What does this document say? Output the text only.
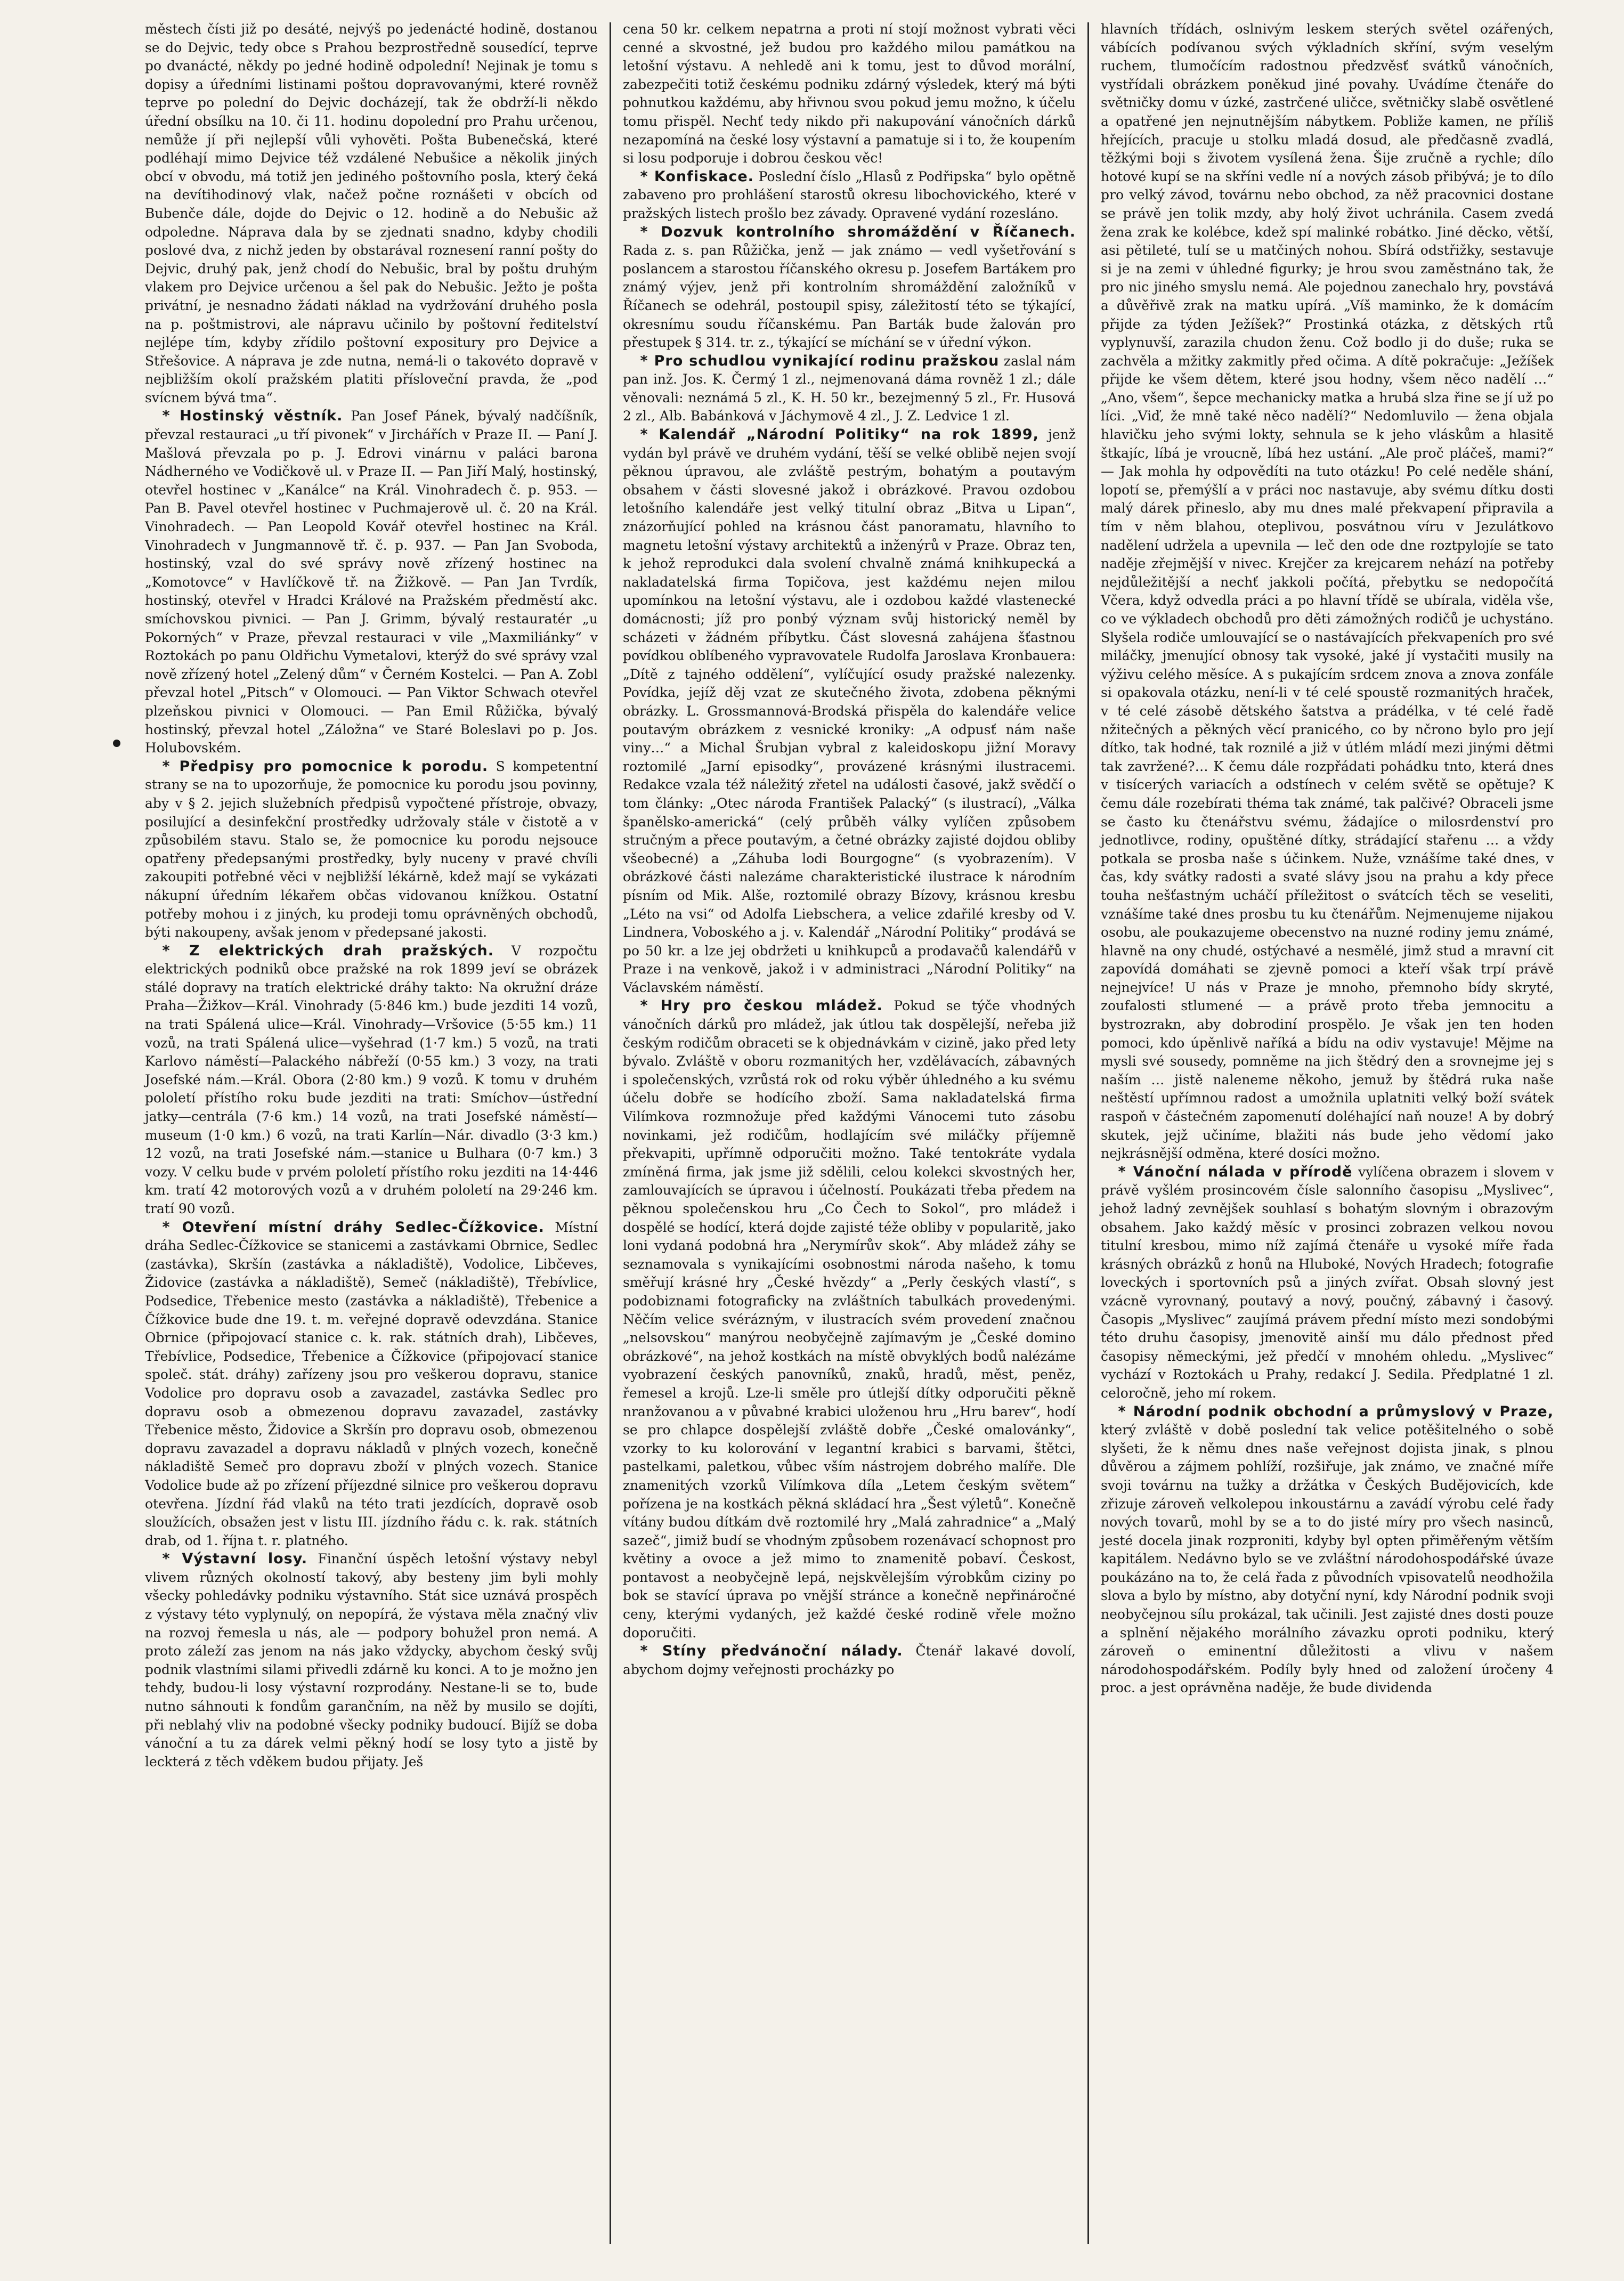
městech čísti již po desáté, nejvýš po jedenácté hodině, dostanou se do Dejvic, tedy obce s Prahou bezprostředně sousedící, teprve po dvanácté, někdy po jedné hodině odpolední! Nejinak je tomu s dopisy a úředními listinami poštou dopravovanými, které rovněž teprve po polední do Dejvic docházejí, tak že obdrží-li někdo úřední obsílku na 10. či 11. hodinu dopolední pro Prahu určenou, nemůže jí při nejlepší vůli vyhověti. Pošta Bubenečská, které podléhají mimo Dejvice též vzdálené Nebušice a několik jiných obcí v obvodu, má totiž jen jediného poštovního posla, který čeká na devítihodinový vlak, načež počne roznášeti v obcích od Bubenče dále, dojde do Dejvic o 12. hodině a do Nebušic až odpoledne. Náprava dala by se zjednati snadno, kdyby chodili poslové dva, z nichž jeden by obstarával roznesení ranní pošty do Dejvic, druhý pak, jenž chodí do Nebušic, bral by poštu druhým vlakem pro Dejvice určenou a šel pak do Nebušic. Ježto je pošta privátní, je nesnadno žádati náklad na vydržování druhého posla na p. poštmistrovi, ale nápravu učinilo by poštovní ředitelství nejlépe tím, kdyby zřídilo poštovní expositury pro Dejvice a Střešovice. A náprava je zde nutna, nemá-li o takovéto dopravě v nejbližším okolí pražském platiti přísloveční pravda, že „pod svícnem bývá tma“.

* Hostinský věstník. Pan Josef Pánek, bývalý nadčíšník, převzal restauraci „u tří pivonek“ v Jirchářích v Praze II. — Paní J. Mašlová převzala po p. J. Edrovi vinárnu v paláci barona Nádherného ve Vodičkově ul. v Praze II. — Pan Jiří Malý, hostinský, otevřel hostinec v „Kanálce“ na Král. Vinohradech č. p. 953. — Pan B. Pavel otevřel hostinec v Puchmajerově ul. č. 20 na Král. Vinohradech. — Pan Leopold Kovář otevřel hostinec na Král. Vinohradech v Jungmannově tř. č. p. 937. — Pan Jan Svoboda, hostinský, vzal do své správy nově zřízený hostinec na „Komotovce“ v Havlíčkově tř. na Žižkově. — Pan Jan Tvrdík, hostinský, otevřel v Hradci Králové na Pražském předměstí akc. smíchovskou pivnici. — Pan J. Grimm, bývalý restauratér „u Pokorných“ v Praze, převzal restauraci v vile „Maxmiliánky“ v Roztokách po panu Oldřichu Vymetalovi, kterýž do své správy vzal nově zřízený hotel „Zelený dům“ v Černém Kostelci. — Pan A. Zobl převzal hotel „Pitsch“ v Olomouci. — Pan Viktor Schwach otevřel plzeňskou pivnici v Olomouci. — Pan Emil Růžička, bývalý hostinský, převzal hotel „Záložna“ ve Staré Boleslavi po p. Jos. Holubovském.

* Předpisy pro pomocnice k porodu. S kompetentní strany se na to upozorňuje, že pomocnice ku porodu jsou povinny, aby v § 2. jejich služebních předpisů vypočtené přístroje, obvazy, posilující a desinfekční prostředky udržovaly stále v čistotě a v způsobilém stavu. Stalo se, že pomocnice ku porodu nejsouce opatřeny předepsanými prostředky, byly nuceny v pravé chvíli zakoupiti potřebné věci v nejbližší lékárně, kdež mají se vykázati nákupní úředním lékařem občas vidovanou knížkou. Ostatní potřeby mohou i z jiných, ku prodeji tomu oprávněných obchodů, býti nakoupeny, avšak jenom v předepsané jakosti.

* Z elektrických drah pražských. V rozpočtu elektrických podniků obce pražské na rok 1899 jeví se obrázek stálé dopravy na tratích elektrické dráhy takto: Na okružní dráze Praha—Žižkov—Král. Vinohrady (5·846 km.) bude jezditi 14 vozů, na trati Spálená ulice—Král. Vinohrady—Vršovice (5·55 km.) 11 vozů, na trati Spálená ulice—vyšehrad (1·7 km.) 5 vozů, na trati Karlovo náměstí—Palackého nábřeží (0·55 km.) 3 vozy, na trati Josefské nám.—Král. Obora (2·80 km.) 9 vozů. K tomu v druhém pololetí přístího roku bude jezditi na trati: Smíchov—ústřední jatky—centrála (7·6 km.) 14 vozů, na trati Josefské náměstí—museum (1·0 km.) 6 vozů, na trati Karlín—Nár. divadlo (3·3 km.) 12 vozů, na trati Josefské nám.—stanice u Bulhara (0·7 km.) 3 vozy. V celku bude v prvém pololetí přístího roku jezditi na 14·446 km. tratí 42 motorových vozů a v druhém pololetí na 29·246 km. tratí 90 vozů.

* Otevření místní dráhy Sedlec-Čížkovice. Místní dráha Sedlec-Čížkovice se stanicemi a zastávkami Obrnice, Sedlec (zastávka), Skršín (zastávka a nákladiště), Vodolice, Libčeves, Židovice (zastávka a nákladiště), Semeč (nákladiště), Třebívlice, Podsedice, Třebenice mesto (zastávka a nákladiště), Třebenice a Čížkovice bude dne 19. t. m. veřejné dopravě odevzdána. Stanice Obrnice (připojovací stanice c. k. rak. státních drah), Libčeves, Třebívlice, Podsedice, Třebenice a Čížkovice (připojovací stanice společ. stát. dráhy) zařízeny jsou pro veškerou dopravu, stanice Vodolice pro dopravu osob a zavazadel, zastávka Sedlec pro dopravu osob a obmezenou dopravu zavazadel, zastávky Třebenice město, Židovice a Skršín pro dopravu osob, obmezenou dopravu zavazadel a dopravu nákladů v plných vozech, konečně nákladiště Semeč pro dopravu zboží v plných vozech. Stanice Vodolice bude až po zřízení příjezdné silnice pro veškerou dopravu otevřena. Jízdní řád vlaků na této trati jezdících, dopravě osob sloužících, obsažen jest v listu III. jízdního řádu c. k. rak. státních drab, od 1. října t. r. platného.

* Výstavní losy. Finanční úspěch letošní výstavy nebyl vlivem různých okolností takový, aby besteny jim byli mohly všecky pohledávky podniku výstavního. Stát sice uznává prospěch z výstavy této vyplynulý, on nepopírá, že výstava měla značný vliv na rozvoj řemesla u nás, ale — podpory bohužel pron nemá. A proto záleží zas jenom na nás jako vždycky, abychom český svůj podnik vlastními silami přivedli zdárně ku konci. A to je možno jen tehdy, budou-li losy výstavní rozprodány. Nestane-li se to, bude nutno sáhnouti k fondům garančním, na něž by musilo se dojíti, při neblahý vliv na podobné všecky podniky budoucí. Bijíž se doba vánoční a tu za dárek velmi pěkný hodí se losy tyto a jistě by leckterá z těch vděkem budou přijaty. Ješ

cena 50 kr. celkem nepatrna a proti ní stojí možnost vybrati věci cenné a skvostné, jež budou pro každého milou památkou na letošní výstavu. A nehledě ani k tomu, jest to důvod morální, zabezpečiti totiž českému podniku zdárný výsledek, který má býti pohnutkou každému, aby hřivnou svou pokud jemu možno, k účelu tomu přispěl. Nechť tedy nikdo při nakupování vánočních dárků nezapomíná na české losy výstavní a pamatuje si i to, že koupením si losu podporuje i dobrou českou věc!

* Konfiskace. Poslední číslo „Hlasů z Podřipska“ bylo opětně zabaveno pro prohlášení starostů okresu libochovického, které v pražských listech prošlo bez závady. Opravené vydání rozesláno.

* Dozvuk kontrolního shromáždění v Říčanech. Rada z. s. pan Růžička, jenž — jak známo — vedl vyšetřování s poslancem a starostou říčanského okresu p. Josefem Bartákem pro známý výjev, jenž při kontrolním shromáždění založníků v Říčanech se odehrál, postoupil spisy, záležitostí této se týkající, okresnímu soudu říčanskému. Pan Barták bude žalován pro přestupek § 314. tr. z., týkající se míchání se v úřední výkon.

* Pro schudlou vynikající rodinu pražskou zaslal nám pan inž. Jos. K. Čermý 1 zl., nejmenovaná dáma rovněž 1 zl.; dále věnovali: neznámá 5 zl., K. H. 50 kr., bezejmenný 5 zl., Fr. Husová 2 zl., Alb. Babánková v Jáchymově 4 zl., J. Z. Ledvice 1 zl.

* Kalendář „Národní Politiky“ na rok 1899, jenž vydán byl právě ve druhém vydání, těší se velké oblibě nejen svojí pěknou úpravou, ale zvláště pestrým, bohatým a poutavým obsahem v části slovesné jakož i obrázkové. Pravou ozdobou letošního kalendáře jest velký titulní obraz „Bitva u Lipan“, znázorňující pohled na krásnou část panoramatu, hlavního to magnetu letošní výstavy architektů a inženýrů v Praze. Obraz ten, k jehož reprodukci dala svolení chvalně známá knihkupecká a nakladatelská firma Topičova, jest každému nejen milou upomínkou na letošní výstavu, ale i ozdobou každé vlastenecké domácnosti; jíž pro ponbý význam svůj historický neměl by scházeti v žádném příbytku. Část slovesná zahájena šťastnou povídkou oblíbeného vypravovatele Rudolfa Jaroslava Kronbauera: „Dítě z tajného oddělení“, vylíčující osudy pražské nalezenky. Povídka, jejíž děj vzat ze skutečného života, zdobena pěknými obrázky. L. Grossmannová-Brodská přispěla do kalendáře velice poutavým obrázkem z vesnické kroniky: „A odpusť nám naše viny…“ a Michal Šrubjan vybral z kaleidoskopu jižní Moravy roztomilé „Jarní episodky“, provázené krásnými ilustracemi. Redakce vzala též náležitý zřetel na události časové, jakž svědčí o tom články: „Otec národa František Palacký“ (s ilustrací), „Válka španělsko-americká“ (celý průběh války vylíčen způsobem stručným a přece poutavým, a četné obrázky zajisté dojdou obliby všeobecné) a „Záhuba lodi Bourgogne“ (s vyobrazením). V obrázkové části nalezáme charakteristické ilustrace k národním písním od Mik. Alše, roztomilé obrazy Bízovy, krásnou kresbu „Léto na vsi“ od Adolfa Liebschera, a velice zdařilé kresby od V. Lindnera, Voboského a j. v. Kalendář „Národní Politiky“ prodává se po 50 kr. a lze jej obdržeti u knihkupců a prodavačů kalendářů v Praze i na venkově, jakož i v administraci „Národní Politiky“ na Václavském náměstí.

* Hry pro českou mládež. Pokud se týče vhodných vánočních dárků pro mládež, jak útlou tak dospělejší, neřeba již českým rodičům obraceti se k objednávkám v cizině, jako před lety bývalo. Zvláště v oboru rozmanitých her, vzdělávacích, zábavných i společenských, vzrůstá rok od roku výběr úhledného a ku svému účelu dobře se hodícího zboží. Sama nakladatelská firma Vilímkova rozmnožuje před každými Vánocemi tuto zásobu novinkami, jež rodičům, hodlajícím své miláčky příjemně překvapiti, upřímně odporučiti možno. Také tentokráte vydala zmíněná firma, jak jsme již sdělili, celou kolekci skvostných her, zamlouvajících se úpravou i účelností. Poukázati třeba předem na pěknou společenskou hru „Co Čech to Sokol“, pro mládež i dospělé se hodící, která dojde zajisté téže obliby v popularitě, jako loni vydaná podobná hra „Nerymírův skok“. Aby mládež záhy se seznamovala s vynikajícími osobnostmi národa našeho, k tomu směřují krásné hry „České hvězdy“ a „Perly českých vlastí“, s podobiznami fotograficky na zvláštních tabulkách provedenými. Něčím velice svérázným, v ilustracích svém provedení značnou „nelsovskou“ manýrou neobyčejně zajímavým je „České domino obrázkové“, na jehož kostkách na místě obvyklých bodů nalézáme vyobrazení českých panovníků, znaků, hradů, měst, peněz, řemesel a krojů. Lze-li směle pro útlejší dítky odporučiti pěkně nranžovanou a v půvabné krabici uloženou hru „Hru barev“, hodí se pro chlapce dospělejší zvláště dobře „České omalovánky“, vzorky to ku kolorování v legantní krabici s barvami, štětci, pastelkami, paletkou, vůbec vším nástrojem dobrého malíře. Dle znamenitých vzorků Vilímkova díla „Letem českým světem“ pořízena je na kostkách pěkná skládací hra „Šest výletů“. Konečně vítány budou dítkám dvě roztomilé hry „Malá zahradnice“ a „Malý sazeč“, jimiž budí se vhodným způsobem rozenávací schopnost pro květiny a ovoce a jež mimo to znamenitě pobaví. Českost, pontavost a neobyčejně lepá, nejskvělejším výrobkům ciziny po bok se stavící úprava po vnější stránce a konečně nepřináročné ceny, kterými vydaných, jež každé české rodině vřele možno doporučiti.

* Stíny předvánoční nálady. Čtenář lakavé dovolí, abychom dojmy veřejnosti procházky po

hlavních třídách, oslnivým leskem sterých světel ozářených, vábících podívanou svých výkladních skříní, svým veselým ruchem, tlumočícím radostnou předzvěsť svátků vánočních, vystřídali obrázkem poněkud jiné povahy. Uvádíme čtenáře do světničky domu v úzké, zastrčené uličce, světničky slabě osvětlené a opatřené jen nejnutnějším nábytkem. Pobliže kamen, ne příliš hřejících, pracuje u stolku mladá dosud, ale předčasně zvadlá, těžkými boji s životem vysílená žena. Šije zručně a rychle; dílo hotové kupí se na skříni vedle ní a nových zásob přibývá; je to dílo pro velký závod, továrnu nebo obchod, za něž pracovnici dostane se právě jen tolik mzdy, aby holý život uchránila. Casem zvedá žena zrak ke kolébce, kdež spí malinké robátko. Jiné děcko, větší, asi pětileté, tulí se u matčiných nohou. Sbírá odstřižky, sestavuje si je na zemi v úhledné figurky; je hrou svou zaměstnáno tak, že pro nic jiného smyslu nemá. Ale pojednou zanechalo hry, povstává a důvěřivě zrak na matku upírá. „Víš maminko, že k domácím přijde za týden Ježíšek?“ Prostinká otázka, z dětských rtů vyplynuvší, zarazila chudon ženu. Což bodlo ji do duše; ruka se zachvěla a mžitky zakmitly před očima. A dítě pokračuje: „Ježíšek přijde ke všem dětem, které jsou hodny, všem něco nadělí …“ „Ano, všem“, šepce mechanicky matka a hrubá slza řine se jí už po líci. „Viď, že mně také něco nadělí?“ Nedomluvilo — žena objala hlavičku jeho svými lokty, sehnula se k jeho vláskům a hlasitě štkajíc, líbá je vroucně, líbá hez ustání. „Ale proč pláčeš, mami?“ — Jak mohla hy odpovědíti na tuto otázku! Po celé neděle shání, lopotí se, přemýšlí a v práci noc nastavuje, aby svému dítku dosti malý dárek přineslo, aby mu dnes malé překvapení připravila a tím v něm blahou, oteplivou, posvátnou víru v Jezulátkovo nadělení udržela a upevnila — leč den ode dne roztpylojíe se tato naděje zřejmější v nivec. Krejčer za krejcarem nehází na potřeby nejdůležitější a nechť jakkoli počítá, přebytku se nedopočítá Včera, když odvedla práci a po hlavní třídě se ubírala, viděla vše, co ve výkladech obchodů pro děti zámožných rodičů je uchystáno. Slyšela rodiče umlouvající se o nastávajících překvapeních pro své miláčky, jmenující obnosy tak vysoké, jaké jí vystačiti musily na výživu celého měsíce. A s pukajícím srdcem znova a znova zonfále si opakovala otázku, není-li v té celé spoustě rozmanitých hraček, v té celé zásobě dětského šatstva a prádélka, v té celé řadě nžitečných a pěkných věcí pranicého, co by nčrono bylo pro její dítko, tak hodné, tak roznilé a již v útlém mládí mezi jinými dětmi tak zavržené?… K čemu dále rozpřádati pohádku tnto, která dnes v tisícerých variacích a odstínech v celém světě se opětuje? K čemu dále rozebírati théma tak známé, tak palčivé? Obraceli jsme se často ku čtenářstvu svému, žádajíce o milosrdenství pro jednotlivce, rodiny, opuštěné dítky, strádající stařenu … a vždy potkala se prosba naše s účinkem. Nuže, vznášíme také dnes, v čas, kdy svátky radosti a svaté slávy jsou na prahu a kdy přece touha nešťastným ucháčí příležitost o svátcích těch se veseliti, vznášíme také dnes prosbu tu ku čtenářům. Nejmenujeme nijakou osobu, ale poukazujeme obecenstvo na nuzné rodiny jemu známé, hlavně na ony chudé, ostýchavé a nesmělé, jimž stud a mravní cit zapovídá domáhati se zjevně pomoci a kteří však trpí právě nejnejvíce! U nás v Praze je mnoho, přemnoho bídy skryté, zoufalosti stlumené — a právě proto třeba jemnocitu a bystrozrakn, aby dobrodiní prospělo. Je však jen ten hoden pomoci, kdo úpěnlivě naříká a bídu na odiv vystavuje! Mějme na mysli své sousedy, pomněme na jich štědrý den a srovnejme jej s naším … jistě naleneme někoho, jemuž by štědrá ruka naše neštěstí upřímnou radost a umožnila uplatniti velký boží svátek raspoň v částečném zapomenutí doléhající naň nouze! A by dobrý skutek, jejž učiníme, blažiti nás bude jeho vědomí jako nejkrásnější odměna, které dosíci možno.

* Vánoční nálada v přírodě vylíčena obrazem i slovem v právě vyšlém prosincovém čísle salonního časopisu „Myslivec“, jehož ladný zevnějšek souhlasí s bohatým slovným i obrazovým obsahem. Jako každý měsíc v prosinci zobrazen velkou novou titulní kresbou, mimo níž zajímá čtenáře u vysoké míře řada krásných obrázků z honů na Hluboké, Nových Hradech; fotografie loveckých i sportovních psů a jiných zvířat. Obsah slovný jest vzácně vyrovnaný, poutavý a nový, poučný, zábavný i časový. Časopis „Myslivec“ zaujímá právem přední místo mezi sondobými této druhu časopisy, jmenovitě ainší mu dálo přednost před časopisy německými, jež předčí v mnohém ohledu. „Myslivec“ vychází v Roztokách u Prahy, redakcí J. Sedila. Předplatné 1 zl. celoročně, jeho mí rokem.

* Národní podnik obchodní a průmyslový v Praze, který zvláště v době poslední tak velice potěšitelného o sobě slyšeti, že k němu dnes naše veřejnost dojista jinak, s plnou důvěrou a zájmem pohlíží, rozšiřuje, jak známo, ve značné míře svoji továrnu na tužky a držátka v Českých Budějovicích, kde zřizuje zároveň velkolepou inkoustárnu a zavádí výrobu celé řady nových tovarů, mohl by se a to do jisté míry pro všech nasinců, jesté docela jinak rozproniti, kdyby byl opten přiměřeným větším kapitálem. Nedávno bylo se ve zvláštní národohospodářské úvaze poukázáno na to, že celá řada z původních vpisovatelů neodhožila slova a bylo by místno, aby dotyční nyní, kdy Národní podnik svoji neobyčejnou sílu prokázal, tak učinili. Jest zajisté dnes dosti pouze a splnění nějakého morálního závazku oproti podniku, který zároveň o eminentní důležitosti a vlivu v našem národohospodářském. Podíly byly hned od založení úročeny 4 proc. a jest oprávněna naděje, že bude dividenda
